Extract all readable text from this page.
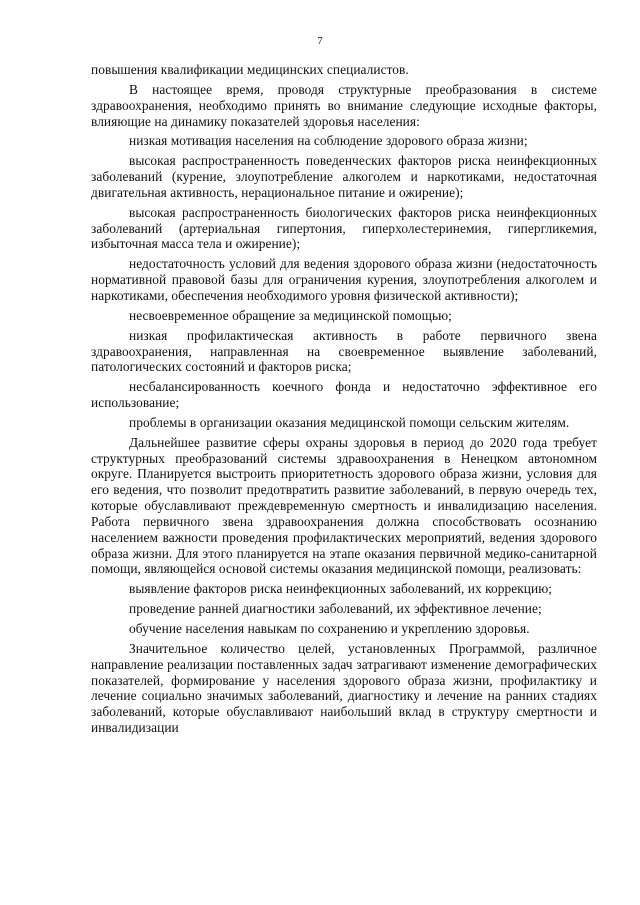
7

повышения квалификации медицинских специалистов.

В настоящее время, проводя структурные преобразования в системе здравоохранения, необходимо принять во внимание следующие исходные факторы, влияющие на динамику показателей здоровья населения:

низкая мотивация населения на соблюдение здорового образа жизни;

высокая распространенность поведенческих факторов риска неинфекционных заболеваний (курение, злоупотребление алкоголем и наркотиками, недостаточная двигательная активность, нерациональное питание и ожирение);

высокая распространенность биологических факторов риска неинфекционных заболеваний (артериальная гипертония, гиперхолестеринемия, гипергликемия, избыточная масса тела и ожирение);

недостаточность условий для ведения здорового образа жизни (недостаточность нормативной правовой базы для ограничения курения, злоупотребления алкоголем и наркотиками, обеспечения необходимого уровня физической активности);

несвоевременное обращение за медицинской помощью;

низкая профилактическая активность в работе первичного звена здравоохранения, направленная на своевременное выявление заболеваний, патологических состояний и факторов риска;

несбалансированность коечного фонда и недостаточно эффективное его использование;

проблемы в организации оказания медицинской помощи сельским жителям.

Дальнейшее развитие сферы охраны здоровья в период до 2020 года требует структурных преобразований системы здравоохранения в Ненецком автономном округе. Планируется выстроить приоритетность здорового образа жизни, условия для его ведения, что позволит предотвратить развитие заболеваний, в первую очередь тех, которые обуславливают преждевременную смертность и инвалидизацию населения. Работа первичного звена здравоохранения должна способствовать осознанию населением важности проведения профилактических мероприятий, ведения здорового образа жизни. Для этого планируется на этапе оказания первичной медико-санитарной помощи, являющейся основой системы оказания медицинской помощи, реализовать:

выявление факторов риска неинфекционных заболеваний, их коррекцию;

проведение ранней диагностики заболеваний, их эффективное лечение;

обучение населения навыкам по сохранению и укреплению здоровья.

Значительное количество целей, установленных Программой, различное направление реализации поставленных задач затрагивают изменение демографических показателей, формирование у населения здорового образа жизни, профилактику и лечение социально значимых заболеваний, диагностику и лечение на ранних стадиях заболеваний, которые обуславливают наибольший вклад в структуру смертности и инвалидизации
